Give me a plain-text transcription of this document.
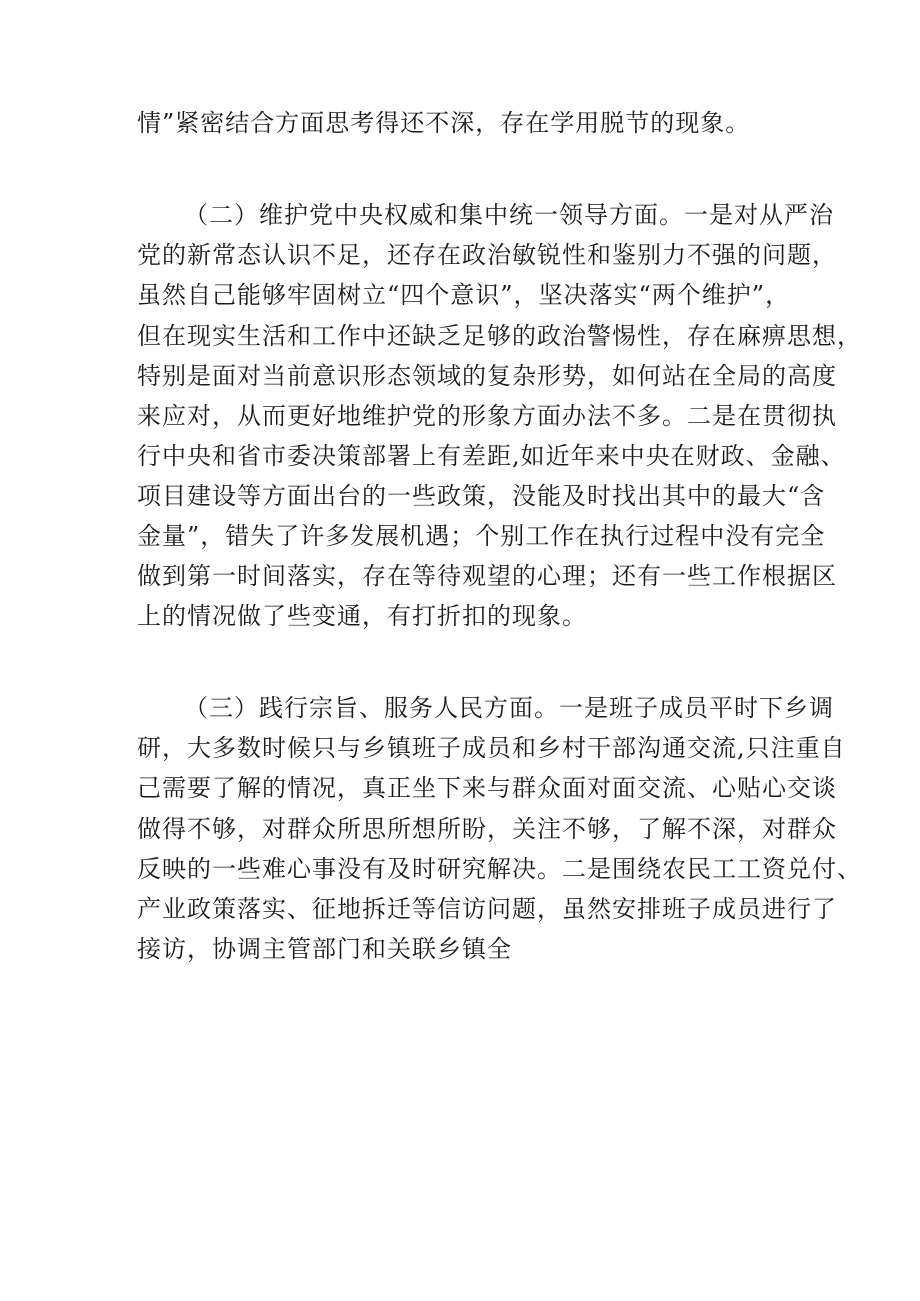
情”紧密结合方面思考得还不深，存在学用脱节的现象。
（二）维护党中央权威和集中统一领导方面。一是对从严治
党的新常态认识不足，还存在政治敏锐性和鉴别力不强的问题，
虽然自己能够牢固树立“四个意识”，坚决落实“两个维护”，
但在现实生活和工作中还缺乏足够的政治警惕性，存在麻痹思想，
特别是面对当前意识形态领域的复杂形势，如何站在全局的高度
来应对，从而更好地维护党的形象方面办法不多。二是在贯彻执
行中央和省市委决策部署上有差距,如近年来中央在财政、金融、
项目建设等方面出台的一些政策，没能及时找出其中的最大“含
金量”，错失了许多发展机遇；个别工作在执行过程中没有完全
做到第一时间落实，存在等待观望的心理；还有一些工作根据区
上的情况做了些变通，有打折扣的现象。
（三）践行宗旨、服务人民方面。一是班子成员平时下乡调
研，大多数时候只与乡镇班子成员和乡村干部沟通交流,只注重自
己需要了解的情况，真正坐下来与群众面对面交流、心贴心交谈
做得不够，对群众所思所想所盼，关注不够，了解不深，对群众
反映的一些难心事没有及时研究解决。二是围绕农民工工资兑付、
产业政策落实、征地拆迁等信访问题，虽然安排班子成员进行了
接访，协调主管部门和关联乡镇全
